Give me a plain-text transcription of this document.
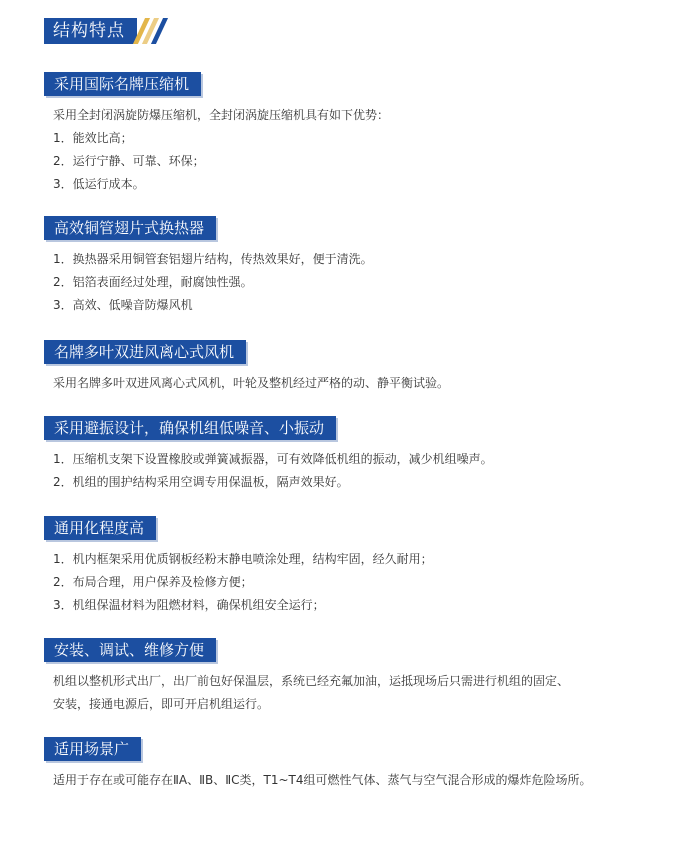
结构特点
采用国际名牌压缩机
采用全封闭涡旋防爆压缩机，全封闭涡旋压缩机具有如下优势：
1．能效比高；
2．运行宁静、可靠、环保；
3．低运行成本。
高效铜管翅片式换热器
1．换热器采用铜管套铝翅片结构，传热效果好，便于清洗。
2．铝箔表面经过处理，耐腐蚀性强。
3．高效、低噪音防爆风机
名牌多叶双进风离心式风机
采用名牌多叶双进风离心式风机，叶轮及整机经过严格的动、静平衡试验。
采用避振设计，确保机组低噪音、小振动
1．压缩机支架下设置橡胶或弹簧减振器，可有效降低机组的振动，减少机组噪声。
2．机组的围护结构采用空调专用保温板，隔声效果好。
通用化程度高
1．机内框架采用优质钢板经粉末静电喷涂处理，结构牢固，经久耐用；
2．布局合理，用户保养及检修方便；
3．机组保温材料为阻燃材料，确保机组安全运行；
安装、调试、维修方便
机组以整机形式出厂，出厂前包好保温层，系统已经充氟加油，运抵现场后只需进行机组的固定、
安装，接通电源后，即可开启机组运行。
适用场景广
适用于存在或可能存在ⅡA、ⅡB、ⅡC类，T1~T4组可燃性气体、蒸气与空气混合形成的爆炸危险场所。
